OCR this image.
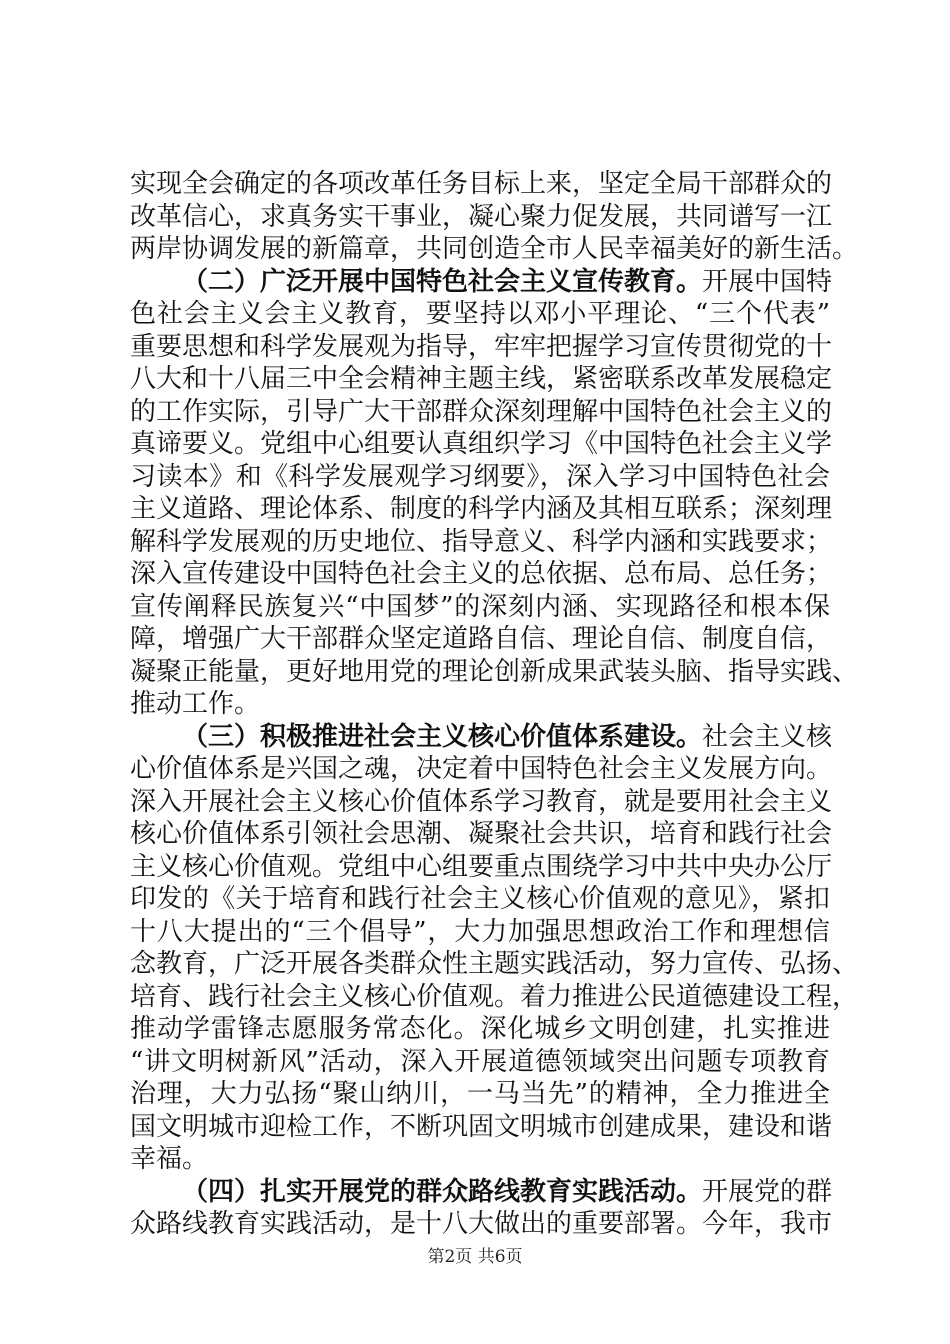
实现全会确定的各项改革任务目标上来，坚定全局干部群众的
改革信心，求真务实干事业，凝心聚力促发展，共同谱写一江
两岸协调发展的新篇章，共同创造全市人民幸福美好的新生活。
（二）广泛开展中国特色社会主义宣传教育。开展中国特
色社会主义会主义教育，要坚持以邓小平理论、“三个代表”
重要思想和科学发展观为指导，牢牢把握学习宣传贯彻党的十
八大和十八届三中全会精神主题主线，紧密联系改革发展稳定
的工作实际，引导广大干部群众深刻理解中国特色社会主义的
真谛要义。党组中心组要认真组织学习《中国特色社会主义学
习读本》和《科学发展观学习纲要》，深入学习中国特色社会
主义道路、理论体系、制度的科学内涵及其相互联系；深刻理
解科学发展观的历史地位、指导意义、科学内涵和实践要求；
深入宣传建设中国特色社会主义的总依据、总布局、总任务；
宣传阐释民族复兴“中国梦”的深刻内涵、实现路径和根本保
障，增强广大干部群众坚定道路自信、理论自信、制度自信，
凝聚正能量，更好地用党的理论创新成果武装头脑、指导实践、
推动工作。
（三）积极推进社会主义核心价值体系建设。社会主义核
心价值体系是兴国之魂，决定着中国特色社会主义发展方向。
深入开展社会主义核心价值体系学习教育，就是要用社会主义
核心价值体系引领社会思潮、凝聚社会共识，培育和践行社会
主义核心价值观。党组中心组要重点围绕学习中共中央办公厅
印发的《关于培育和践行社会主义核心价值观的意见》，紧扣
十八大提出的“三个倡导”，大力加强思想政治工作和理想信
念教育，广泛开展各类群众性主题实践活动，努力宣传、弘扬、
培育、践行社会主义核心价值观。着力推进公民道德建设工程，
推动学雷锋志愿服务常态化。深化城乡文明创建，扎实推进
“讲文明树新风”活动，深入开展道德领域突出问题专项教育
治理，大力弘扬“聚山纳川，一马当先”的精神，全力推进全
国文明城市迎检工作，不断巩固文明城市创建成果，建设和谐
幸福。
（四）扎实开展党的群众路线教育实践活动。开展党的群
众路线教育实践活动，是十八大做出的重要部署。今年，我市
第2页 共6页
